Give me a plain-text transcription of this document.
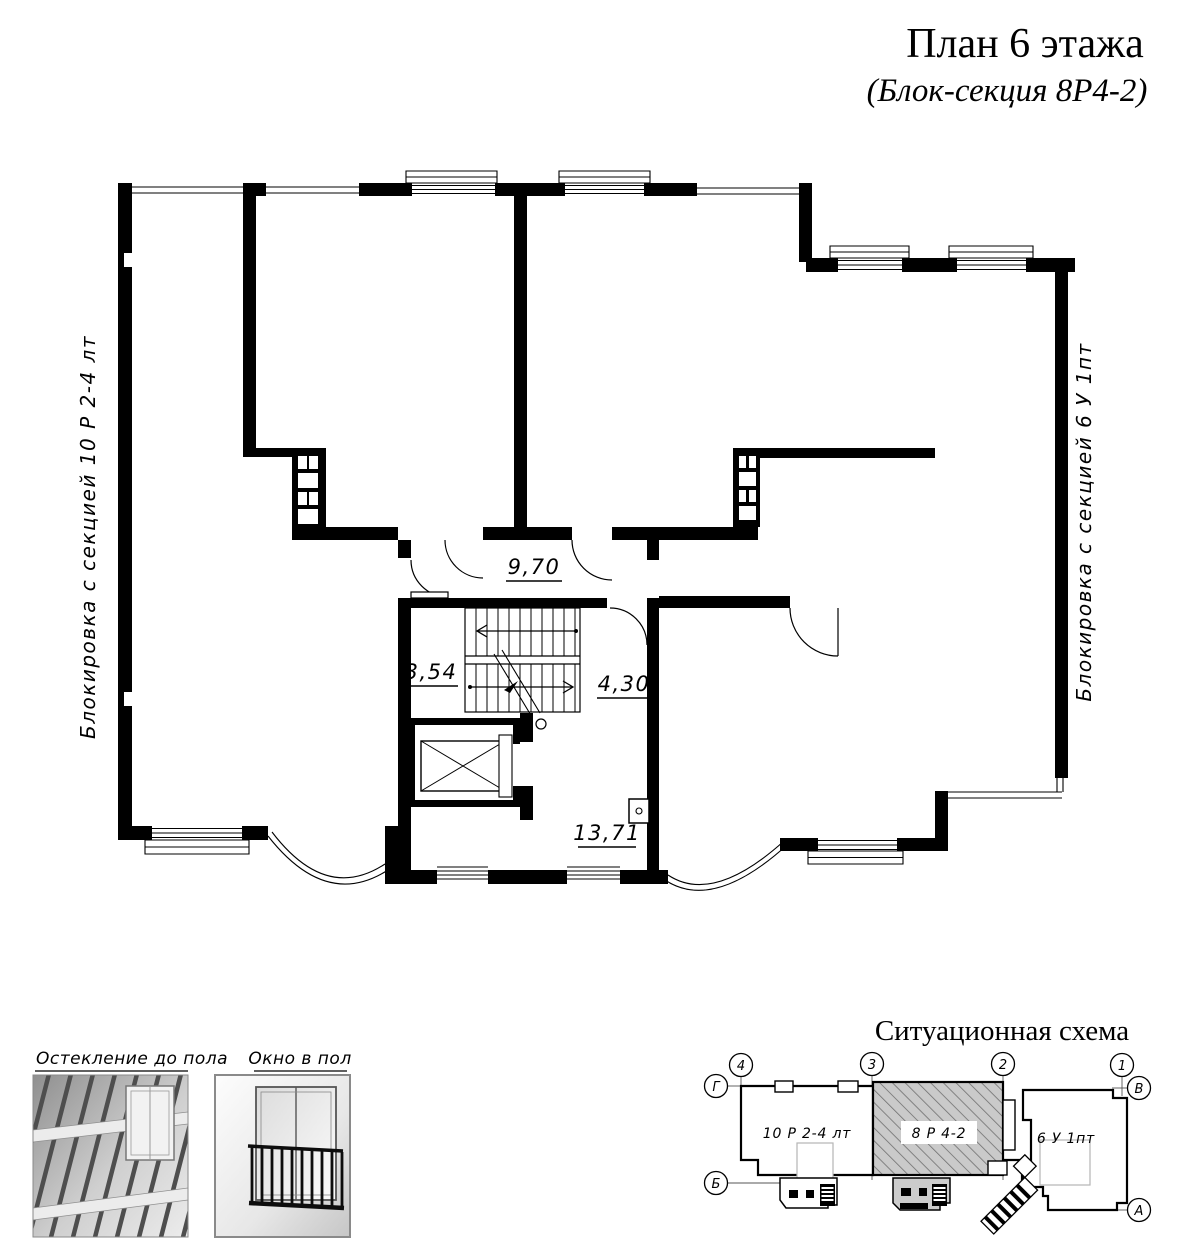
План 6 этажа
(Блок-секция 8Р4-2)
9,70
3,54	4,30
13,71
Блокировка с секцией 10 Р 2-4 лт	Блокировка с секцией 6 У 1пт
Остекление до пола Окно в пол
Ситуационная схема
10 Р 2-4 лт	8 Р 4-2	6 У 1пт
4	3	2	1
Г
Б
В
А
